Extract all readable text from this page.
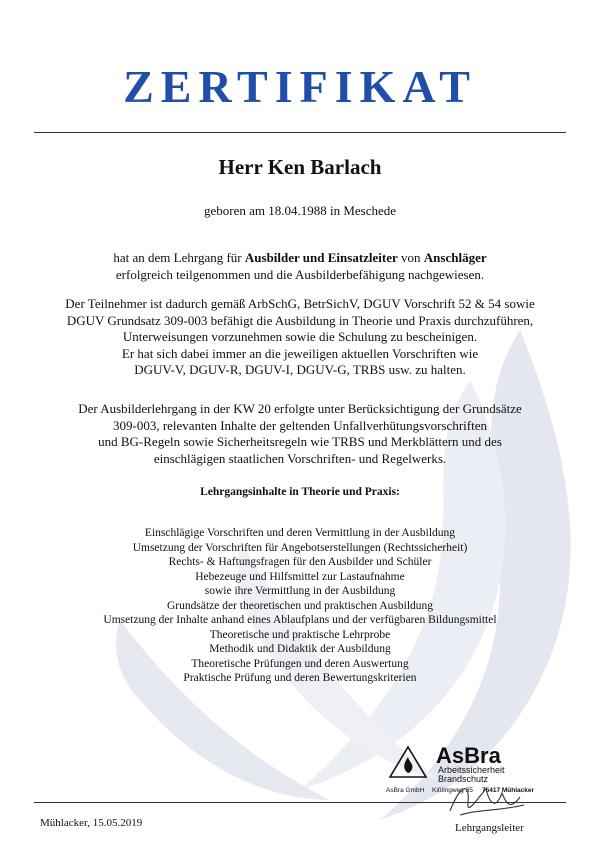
ZERTIFIKAT
Herr Ken Barlach
geboren am 18.04.1988 in Meschede

hat an dem Lehrgang für Ausbilder und Einsatzleiter von Anschläger
erfolgreich teilgenommen und die Ausbilderbefähigung nachgewiesen.

Der Teilnehmer ist dadurch gemäß ArbSchG, BetrSichV, DGUV Vorschrift 52 & 54 sowie
DGUV Grundsatz 309-003 befähigt die Ausbildung in Theorie und Praxis durchzuführen,
Unterweisungen vorzunehmen sowie die Schulung zu bescheinigen.
Er hat sich dabei immer an die jeweiligen aktuellen Vorschriften wie
DGUV-V, DGUV-R, DGUV-I, DGUV-G, TRBS usw. zu halten.

Der Ausbilderlehrgang in der KW 20 erfolgte unter Berücksichtigung der Grundsätze
309-003, relevanten Inhalte der geltenden Unfallverhütungsvorschriften
und BG-Regeln sowie Sicherheitsregeln wie TRBS und Merkblättern und des
einschlägigen staatlichen Vorschriften- und Regelwerks.

Lehrgangsinhalte in Theorie und Praxis:
Einschlägige Vorschriften und deren Vermittlung in der Ausbildung
Umsetzung der Vorschriften für Angebotserstellungen (Rechtssicherheit)
Rechts- & Haftungsfragen für den Ausbilder und Schüler
Hebezeuge und Hilfsmittel zur Lastaufnahme
sowie ihre Vermittlung in der Ausbildung
Grundsätze der theoretischen und praktischen Ausbildung
Umsetzung der Inhalte anhand eines Ablaufplans und der verfügbaren Bildungsmittel
Theoretische und praktische Lehrprobe
Methodik und Didaktik der Ausbildung
Theoretische Prüfungen und deren Auswertung
Praktische Prüfung und deren Bewertungskriterien
AsBra
Arbeitssicherheit
Brandschutz
AsBra GmbH Kißlingweg 35 75417 Mühlacker
Mühlacker, 15.05.2019	Lehrgangsleiter
